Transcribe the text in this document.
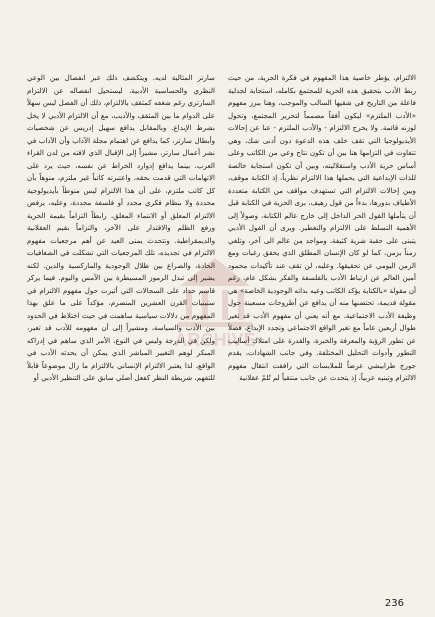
الالتزام، يؤطر خاصية هذا المفهوم في فكرة الحرية، من حيث ربط الأدب بتحقيق هذه الحرية للمجتمع بكامله، استجابة لجدلية فاعلة من التاريخ في شقيها السالب والموجب، وهنا يبرز مفهوم «الأدب الملتزم» ليكون أفقاً مصمماً لتحرير المجتمع، وتحول لوزنه قائمة. ولا يخرج الالتزام - والأدب الملتزم - عنا عن إحالات الأيديولوجيا التي تقف خلف هذه الدعوة دون أدنى شك، وهي تتفاوت في التزامها هنا بين أن تكون نتاج وعي من الكاتب وعلى أساس حرية الأدب واستقلاليته، وبين أن تكون استجابة خالصة للذات الإبداعية التي يحملها هذا الالتزام نظرياً، إذ الكتابة موقف، وبين إحالات الالتزام التي تستهدف مواقف من الكتابة متعددة الأطياف بدورها، بدءاً من قول رهيف، برى الحرية في الكتابة قبل أن يتأملها القول الحر الداخل إلى خارج عالم الكتابة، وصولاً إلى الأهمية التسلط على الالتزام والتغطير. ويرى أن القول الأدبي يتبنى على حقبة شرية كثيفة، ومواجد من عالم الى آخر، وتلغي زمناً بزمن، كما لو كان الإنسان المطلق الذي يحقق رغبات ومع الزمن اليومي عن تحقيقها. وعليه، لن تقف عند تأكيدات محمود أمين العالم عن ارتباط الأدب بالفلسفة والفكر بشكل عام، رغم أن مقولة «بالكتابة يؤكد الكاتب وعيه بذاته الوجودية الخاصة» هي مقولة قديمة، تحتضنها منه أن يدافع عن أطروحات مسعينة حول وظيفة الأدب الاجتماعية. مع أنه يعني أن مفهوم الأدب قد تغير طوال أربعين عاماً مع تغير الواقع الاجتماعي وتجدد الإبداع، فضلاً عن تطور الرؤية والمعرفة والخبرة، والقدرة على امتلاك أساليب التطور وأدوات التحليل المختلفة. وفي جانب الشهادات، يقدم جورج طرابيشي عرضاً للملابسات التي رافقت انتقال مفهوم الالتزام وتبنيه عربياً، إذ يتحدث عن جانب منتقياً لم تُلمّ عقلانية

سارتر المثالية لديه. ويتكشف ذلك عبر انفصال بين الوعي النظري والحساسية الأدبية، ليستحيل انفصاله عن الالتزام السارتري رغم شغفه كمثقف بالالتزام، ذلك أن الفصل ليس سهلاً على الدوام ما بين المثقف والأديب، مع أن الالتزام الأدبي لا يخل بشرط الإبداع. وبالمقابل يدافع سهيل إدريس عن شخصيات وأبطال سارتر، كما يدافع عن اهتمام مجلة الآداب وأن الآداب في نشر أعمال سارتر، مشيراً إلى الإقبال الذي لاقته من لدن القراء العرب. بينما يدافع إدوارد الخراط عن نفسه، حيث يرد على الاتهامات التي قدمت بحقه، واعتبرته كاتباً غير ملتزم، منوهاً بأن كل كاتب ملتزم، على أن هذا الالتزام ليس منوطاً بأيديولوجية محددة ولا بنظام فكري محدد أو فلسفة محددة، وعليه، يرفض الالتزام المعلق أو الانتماء المغلق، رابطاً التزاماً بقيمة الحرية ورفع الظلم والاقتدار على الآخر، والتزاماً بقيم العقلانية والديمقراطية. وتتحدث يمنى العيد عن أهم مرجعيات مفهوم الالتزام في تجديده، تلك المرجعيات التي تشكلت في الشغافيات الحادة، والصراع بين ظلال الوجودية والماركسية والدين. لكنه يشير إلى تبدل الرموز المسيطرة بين الأمس واليوم. فيما يركز قاسم حداد على السجالات التي أثيرت حول مفهوم الالتزام في ستينيات القرن العشرين المنصرم، مؤكداً على ما علق بهذا المفهوم من دلالات سياسية ساهمت في حيث اختلاط في الحدود بين الأدب والسياسة، ومشيراً إلى أن مفهومه للأدب قد تغير، ولكن في الدرجة وليس في النوع، الأمر الذي ساهم في إدراكه المبكر لوهم التغيير المباشر الذي يمكن أن يحدثه الأدب في الواقع، لذا يعتبر الالتزام الإنساني بالالتزام ما زال موضوعاً قابلاً للتفهم، شريطة النظر كفعل أصلي سابق على التنظير الأدبي أو

ARCHIVE
236
